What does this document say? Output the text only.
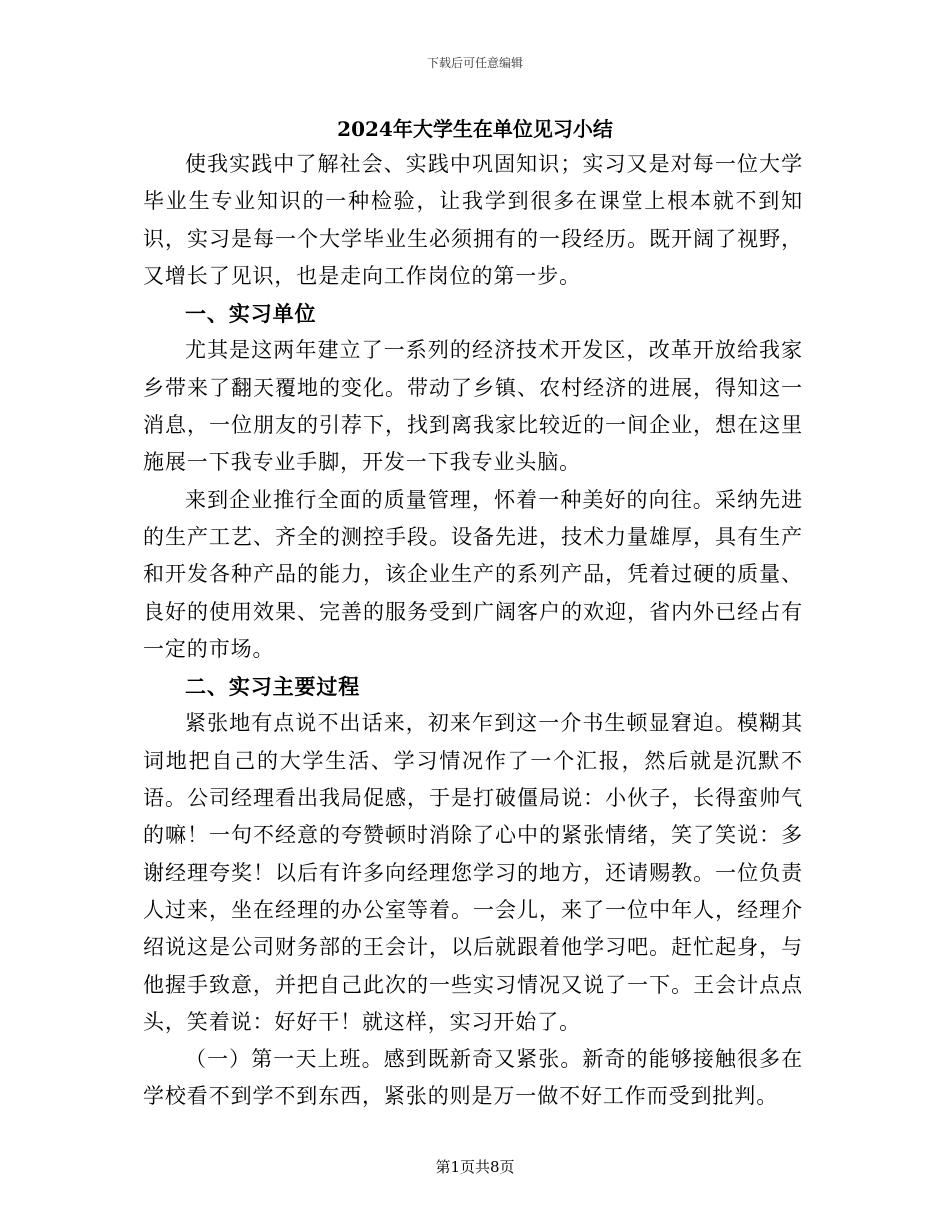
下载后可任意编辑
2024年大学生在单位见习小结

使我实践中了解社会、实践中巩固知识；实习又是对每一位大学毕业生专业知识的一种检验，让我学到很多在课堂上根本就不到知识，实习是每一个大学毕业生必须拥有的一段经历。既开阔了视野，又增长了见识，也是走向工作岗位的第一步。

一、实习单位

尤其是这两年建立了一系列的经济技术开发区，改革开放给我家乡带来了翻天覆地的变化。带动了乡镇、农村经济的进展，得知这一消息，一位朋友的引荐下，找到离我家比较近的一间企业，想在这里施展一下我专业手脚，开发一下我专业头脑。

来到企业推行全面的质量管理，怀着一种美好的向往。采纳先进的生产工艺、齐全的测控手段。设备先进，技术力量雄厚，具有生产和开发各种产品的能力，该企业生产的系列产品，凭着过硬的质量、良好的使用效果、完善的服务受到广阔客户的欢迎，省内外已经占有一定的市场。

二、实习主要过程

紧张地有点说不出话来，初来乍到这一介书生顿显窘迫。模糊其词地把自己的大学生活、学习情况作了一个汇报，然后就是沉默不语。公司经理看出我局促感，于是打破僵局说：小伙子，长得蛮帅气的嘛！一句不经意的夸赞顿时消除了心中的紧张情绪，笑了笑说：多谢经理夸奖！以后有许多向经理您学习的地方，还请赐教。一位负责人过来，坐在经理的办公室等着。一会儿，来了一位中年人，经理介绍说这是公司财务部的王会计，以后就跟着他学习吧。赶忙起身，与他握手致意，并把自己此次的一些实习情况又说了一下。王会计点点头，笑着说：好好干！就这样，实习开始了。

（一）第一天上班。感到既新奇又紧张。新奇的能够接触很多在学校看不到学不到东西，紧张的则是万一做不好工作而受到批判。

第1页共8页
